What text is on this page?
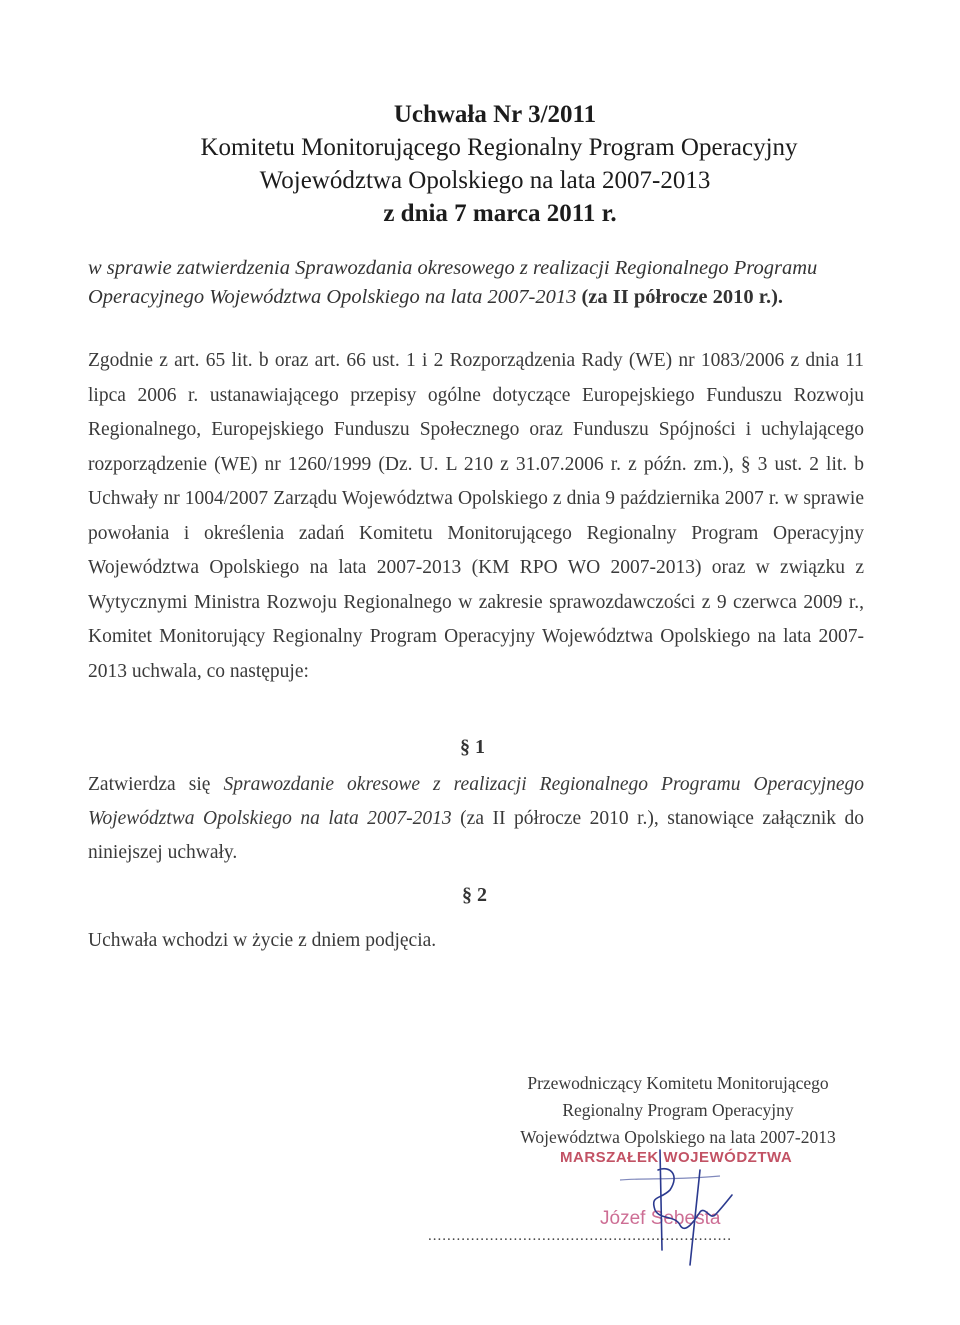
Uchwała Nr 3/2011
Komitetu Monitorującego Regionalny Program Operacyjny
Województwa Opolskiego na lata 2007-2013
z dnia 7 marca 2011 r.
w sprawie zatwierdzenia Sprawozdania okresowego z realizacji Regionalnego Programu Operacyjnego Województwa Opolskiego na lata 2007-2013 (za II półrocze 2010 r.).
Zgodnie z art. 65 lit. b oraz art. 66 ust. 1 i 2 Rozporządzenia Rady (WE) nr 1083/2006 z dnia 11 lipca 2006 r. ustanawiającego przepisy ogólne dotyczące Europejskiego Funduszu Rozwoju Regionalnego, Europejskiego Funduszu Społecznego oraz Funduszu Spójności i uchylającego rozporządzenie (WE) nr 1260/1999 (Dz. U. L 210 z 31.07.2006 r. z późn. zm.), § 3 ust. 2 lit. b Uchwały nr 1004/2007 Zarządu Województwa Opolskiego z dnia 9 października 2007 r. w sprawie powołania i określenia zadań Komitetu Monitorującego Regionalny Program Operacyjny Województwa Opolskiego na lata 2007-2013 (KM RPO WO 2007-2013) oraz w związku z Wytycznymi Ministra Rozwoju Regionalnego w zakresie sprawozdawczości z 9 czerwca 2009 r., Komitet Monitorujący Regionalny Program Operacyjny Województwa Opolskiego na lata 2007-2013 uchwala, co następuje:
§ 1
Zatwierdza się Sprawozdanie okresowe z realizacji Regionalnego Programu Operacyjnego Województwa Opolskiego na lata 2007-2013 (za II półrocze 2010 r.), stanowiące załącznik do niniejszej uchwały.
§ 2
Uchwała wchodzi w życie z dniem podjęcia.
Przewodniczący Komitetu Monitorującego
Regionalny Program Operacyjny
Województwa Opolskiego na lata 2007-2013
MARSZAŁEK WOJEWÓDZTWA
Józef Sebesta
................................................................
